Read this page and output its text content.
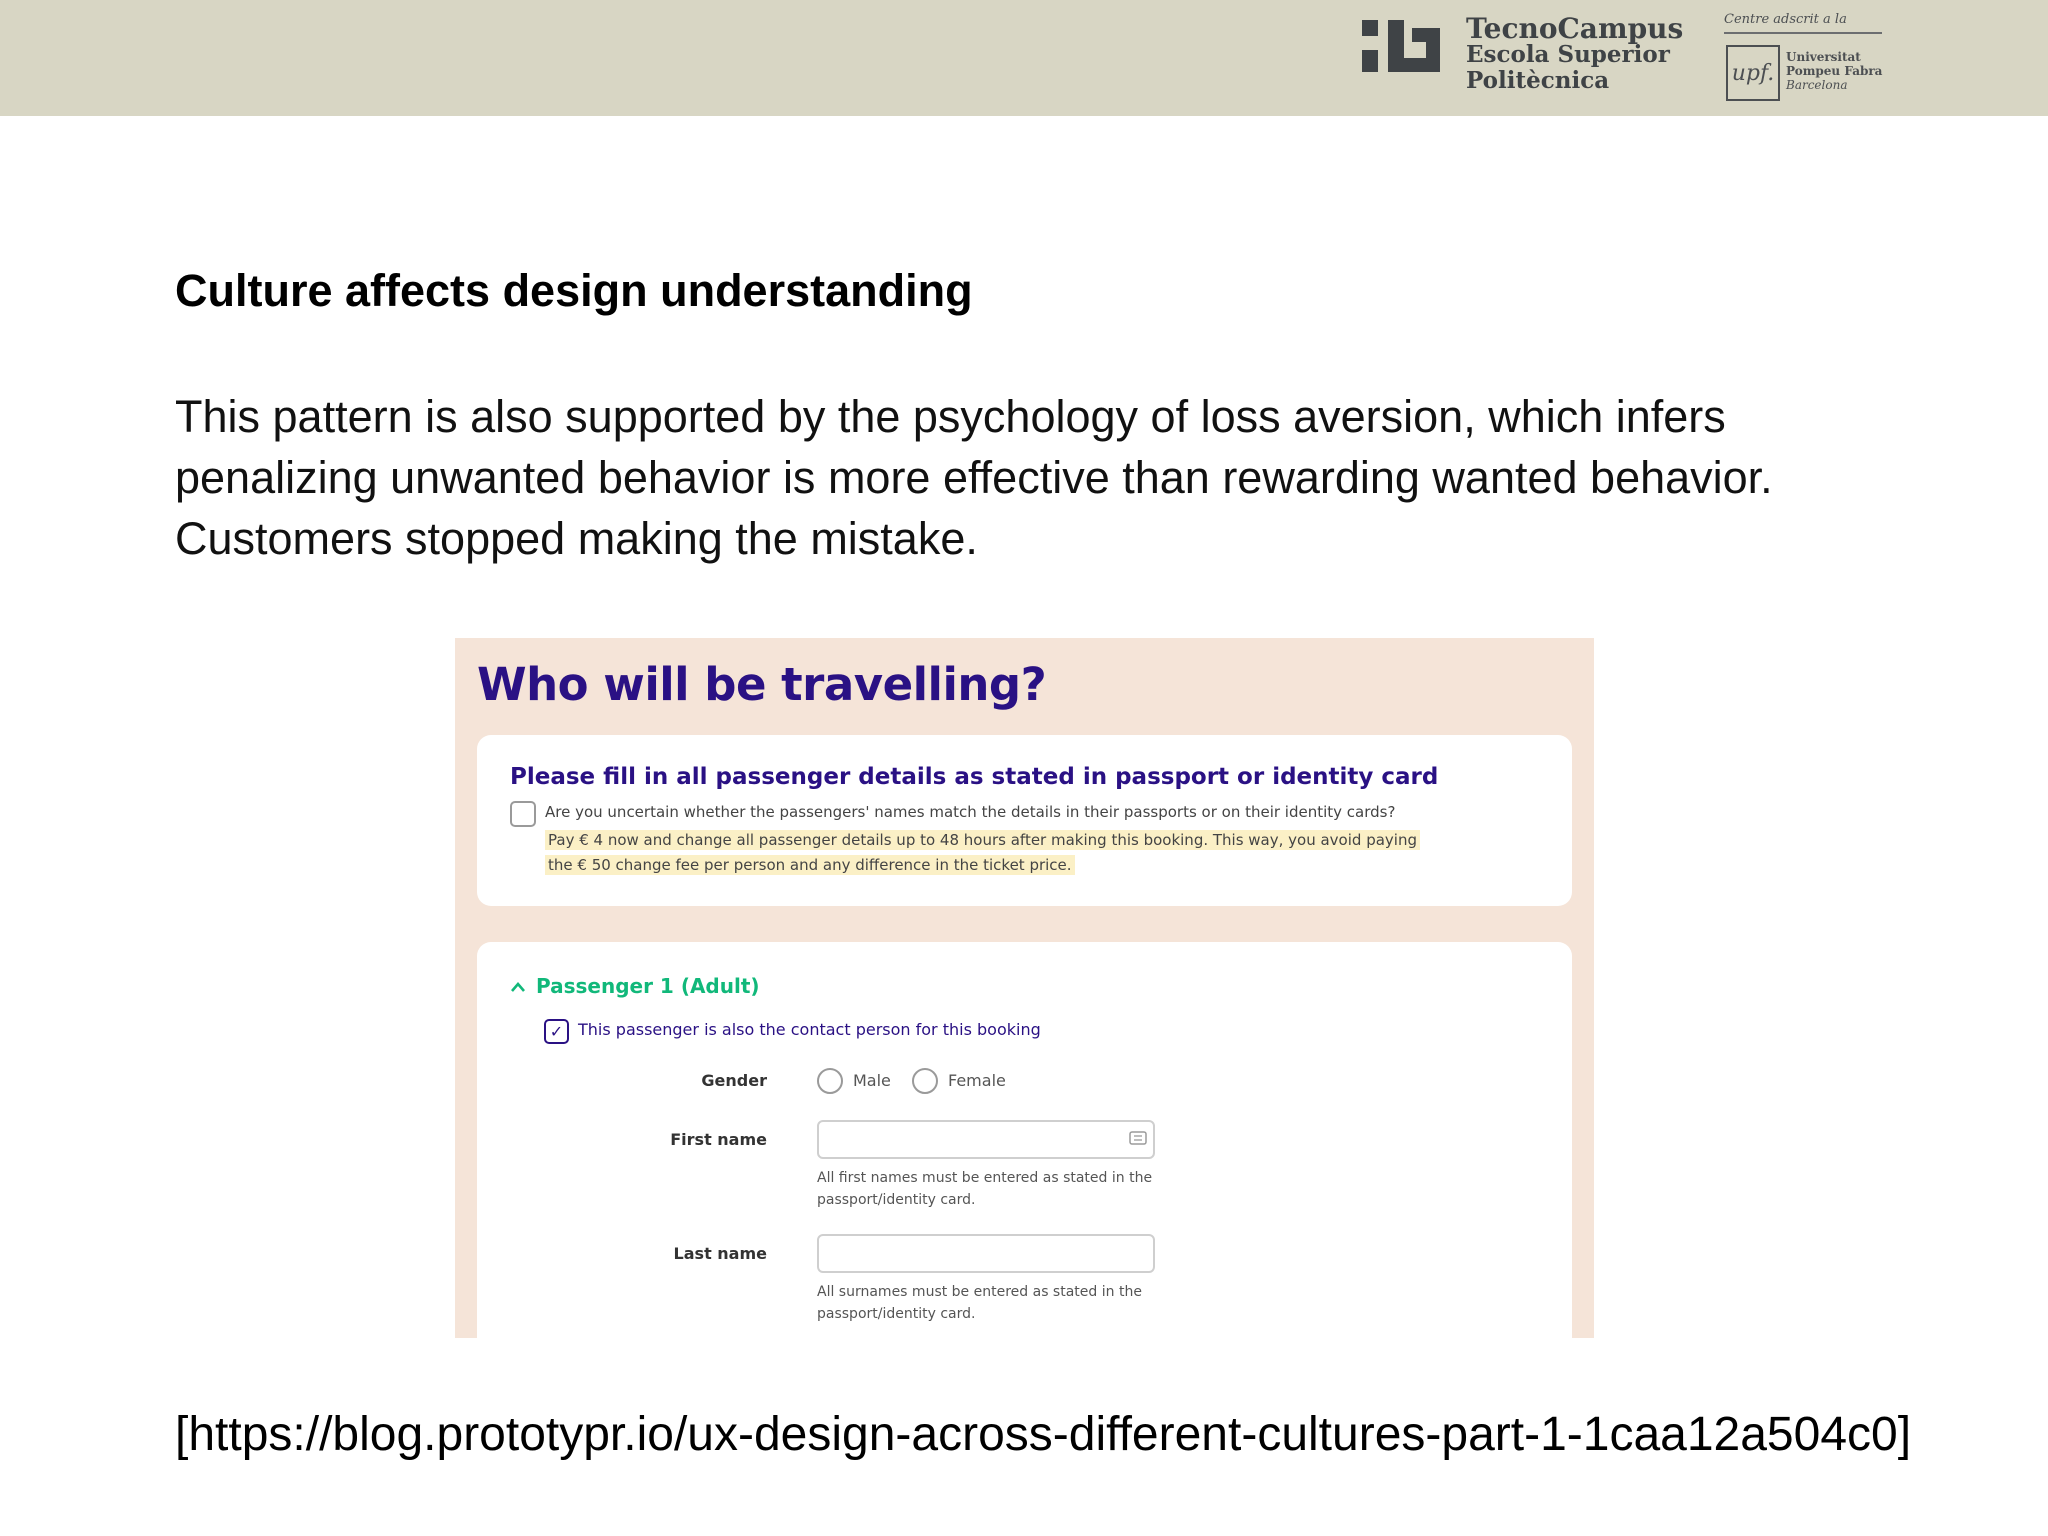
TecnoCampus
Escola Superior
Politècnica
Centre adscrit a la
upf.
Universitat
Pompeu Fabra
Barcelona
Culture affects design understanding
This pattern is also supported by the psychology of loss aversion, which infers
penalizing unwanted behavior is more effective than rewarding wanted behavior.
Customers stopped making the mistake.
Who will be travelling?
Please fill in all passenger details as stated in passport or identity card
Are you uncertain whether the passengers' names match the details in their passports or on their identity cards?
Pay € 4 now and change all passenger details up to 48 hours after making this booking. This way, you avoid paying
the € 50 change fee per person and any difference in the ticket price.
Passenger 1 (Adult)
✓ This passenger is also the contact person for this booking
Gender	Male	Female
First name
All first names must be entered as stated in the
passport/identity card.
Last name
All surnames must be entered as stated in the
passport/identity card.
[https://blog.prototypr.io/ux-design-across-different-cultures-part-1-1caa12a504c0]
